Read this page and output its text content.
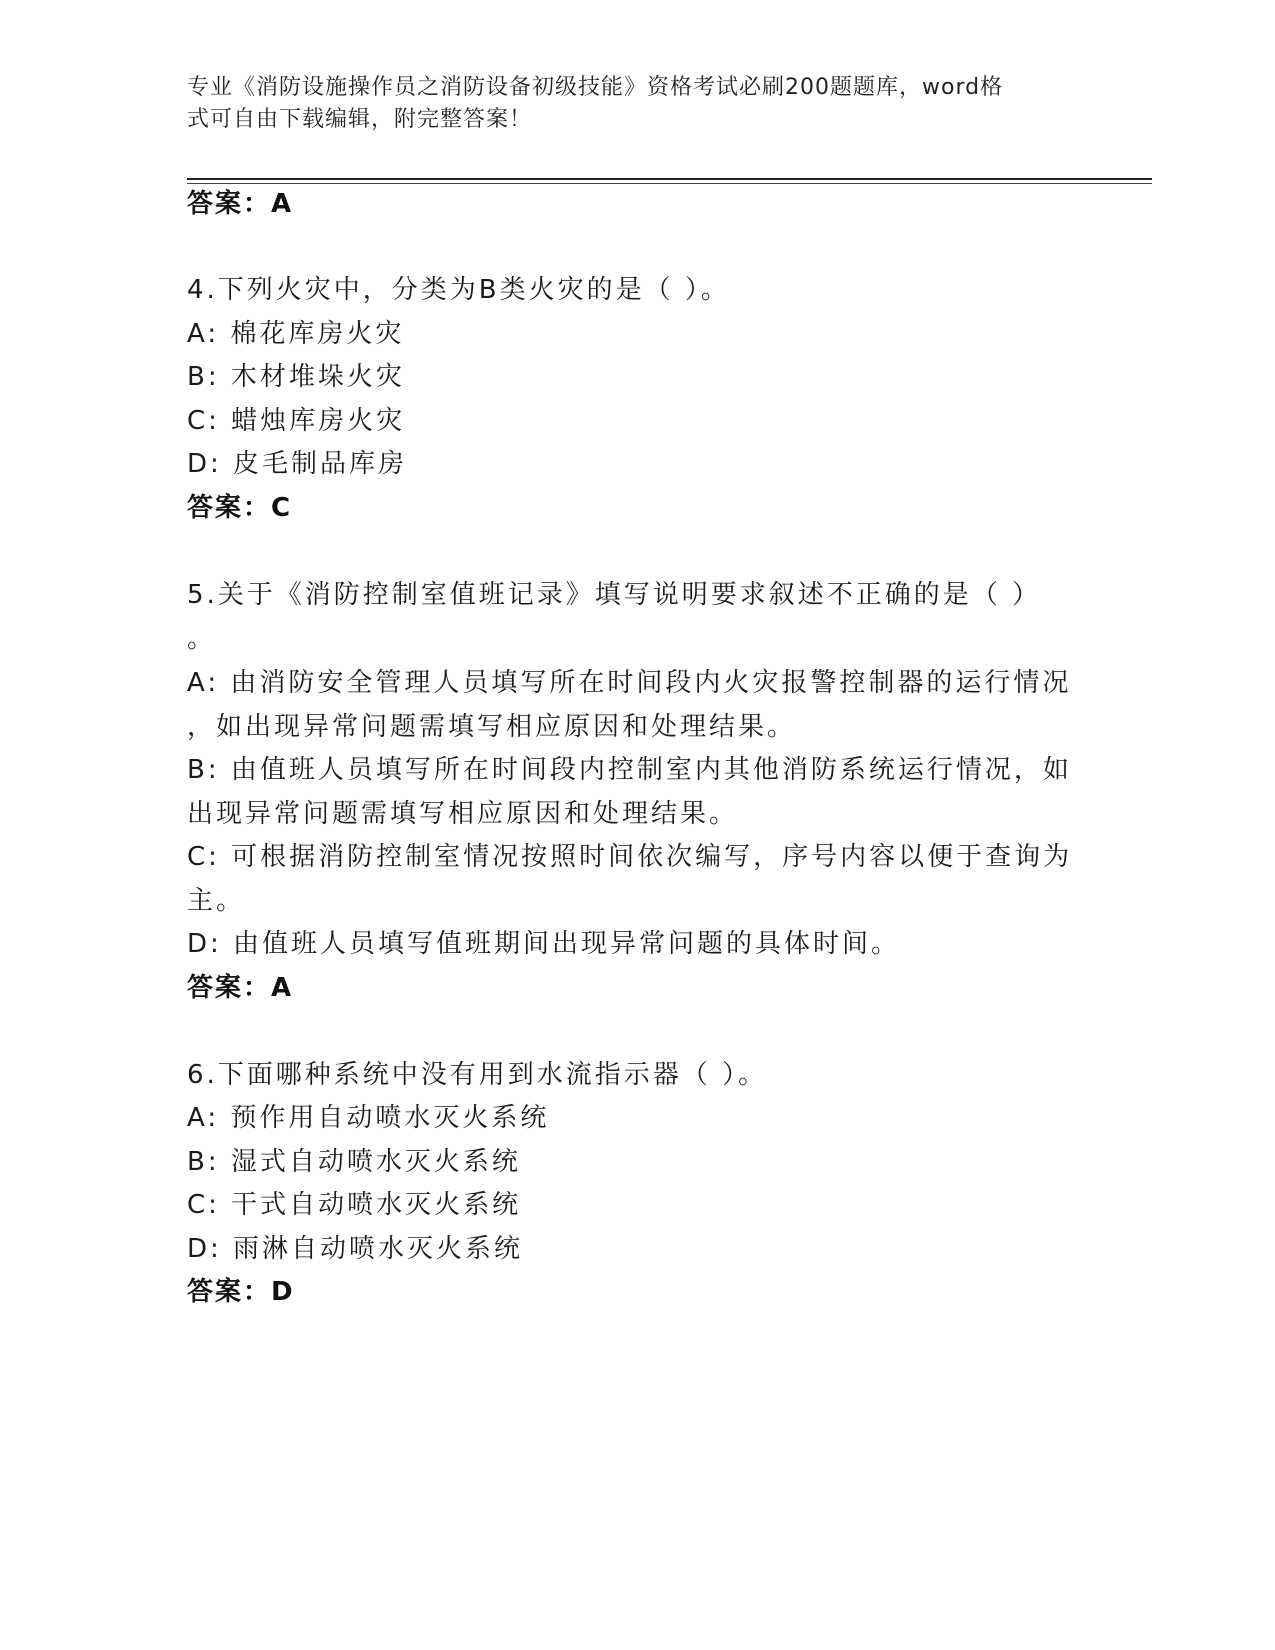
专业《消防设施操作员之消防设备初级技能》资格考试必刷200题题库，word格
式可自由下载编辑，附完整答案！
答案：A
4.下列火灾中，分类为B类火灾的是（ ）。
A: 棉花库房火灾
B: 木材堆垛火灾
C: 蜡烛库房火灾
D: 皮毛制品库房
答案：C
5.关于《消防控制室值班记录》填写说明要求叙述不正确的是（ ）
。
A: 由消防安全管理人员填写所在时间段内火灾报警控制器的运行情况
，如出现异常问题需填写相应原因和处理结果。
B: 由值班人员填写所在时间段内控制室内其他消防系统运行情况，如
出现异常问题需填写相应原因和处理结果。
C: 可根据消防控制室情况按照时间依次编写，序号内容以便于查询为
主。
D: 由值班人员填写值班期间出现异常问题的具体时间。
答案：A
6.下面哪种系统中没有用到水流指示器（ ）。
A: 预作用自动喷水灭火系统
B: 湿式自动喷水灭火系统
C: 干式自动喷水灭火系统
D: 雨淋自动喷水灭火系统
答案：D
